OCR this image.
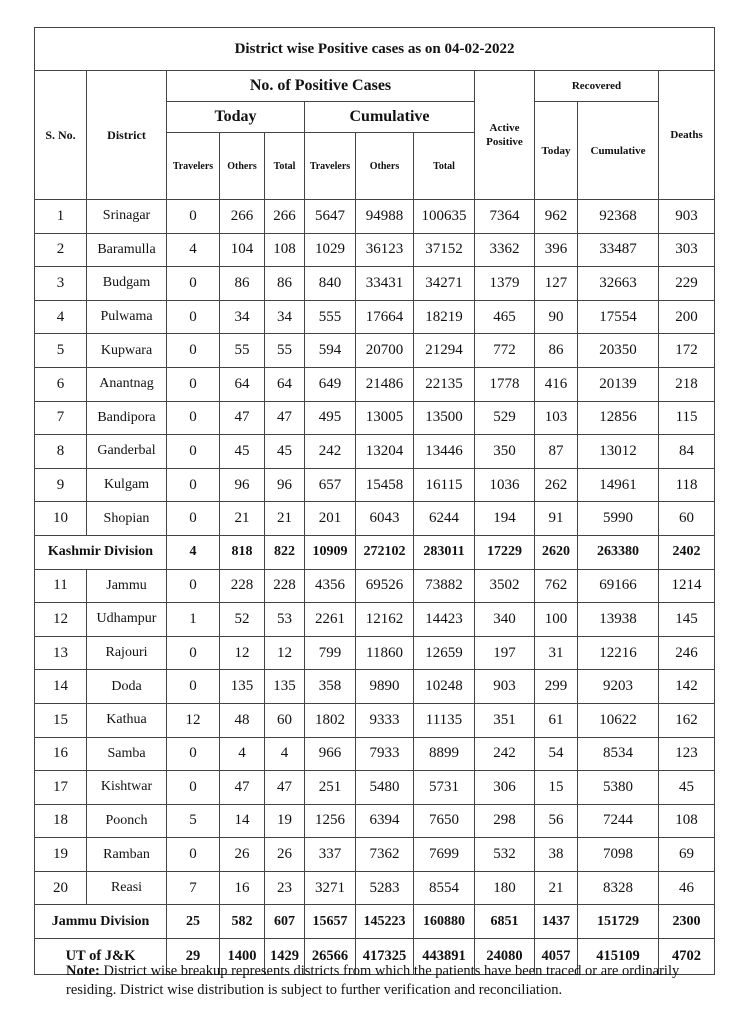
District wise Positive cases as on 04-02-2022											
S. No.	District	No. of Positive Cases						Active Positive	Recovered		Deaths
		Today			Cumulative				Today	Cumulative	
		Travelers	Others	Total	Travelers	Others	Total				
1	Srinagar	0	266	266	5647	94988	100635	7364	962	92368	903
2	Baramulla	4	104	108	1029	36123	37152	3362	396	33487	303
3	Budgam	0	86	86	840	33431	34271	1379	127	32663	229
4	Pulwama	0	34	34	555	17664	18219	465	90	17554	200
5	Kupwara	0	55	55	594	20700	21294	772	86	20350	172
6	Anantnag	0	64	64	649	21486	22135	1778	416	20139	218
7	Bandipora	0	47	47	495	13005	13500	529	103	12856	115
8	Ganderbal	0	45	45	242	13204	13446	350	87	13012	84
9	Kulgam	0	96	96	657	15458	16115	1036	262	14961	118
10	Shopian	0	21	21	201	6043	6244	194	91	5990	60
Kashmir Division		4	818	822	10909	272102	283011	17229	2620	263380	2402
11	Jammu	0	228	228	4356	69526	73882	3502	762	69166	1214
12	Udhampur	1	52	53	2261	12162	14423	340	100	13938	145
13	Rajouri	0	12	12	799	11860	12659	197	31	12216	246
14	Doda	0	135	135	358	9890	10248	903	299	9203	142
15	Kathua	12	48	60	1802	9333	11135	351	61	10622	162
16	Samba	0	4	4	966	7933	8899	242	54	8534	123
17	Kishtwar	0	47	47	251	5480	5731	306	15	5380	45
18	Poonch	5	14	19	1256	6394	7650	298	56	7244	108
19	Ramban	0	26	26	337	7362	7699	532	38	7098	69
20	Reasi	7	16	23	3271	5283	8554	180	21	8328	46
Jammu Division		25	582	607	15657	145223	160880	6851	1437	151729	2300
UT of J&K		29	1400	1429	26566	417325	443891	24080	4057	415109	4702
Note: District wise breakup represents districts from which the patients have been traced or are ordinarily residing. District wise distribution is subject to further verification and reconciliation.
